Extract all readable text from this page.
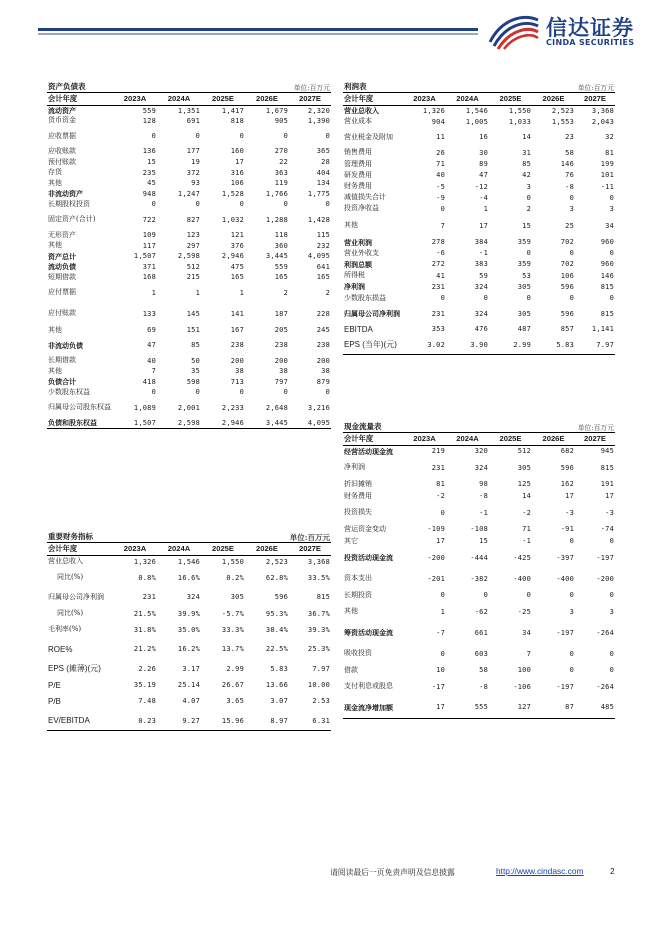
信达证券
CINDA SECURITIES
资产负债表				单位:百万元	
会计年度	2023A	2024A	2025E	2026E	2027E
流动资产	559	1,351	1,417	1,679	2,320
货币资金	128	691	818	905	1,390
应收票据	0	0	0	0	0
应收账款	136	177	160	270	365
预付账款	15	19	17	22	28
存货	235	372	316	363	404
其他	45	93	106	119	134
非流动资产	948	1,247	1,528	1,766	1,775
长期股权投资	0	0	0	0	0
固定资产(合计)	722	827	1,032	1,288	1,428
无形资产	109	123	121	118	115
其他	117	297	376	360	232
资产总计	1,507	2,598	2,946	3,445	4,095
流动负债	371	512	475	559	641
短期借款	168	215	165	165	165
应付票据	1	1	1	2	2
应付账款	133	145	141	187	228
其他	69	151	167	205	245
非流动负债	47	85	238	238	238
长期借款	40	50	200	200	200
其他	7	35	38	38	38
负债合计	418	598	713	797	879
少数股东权益	0	0	0	0	0
归属母公司股东权益	1,089	2,001	2,233	2,648	3,216
负债和股东权益	1,507	2,598	2,946	3,445	4,095
重要财务指标				单位:百万元	
会计年度	2023A	2024A	2025E	2026E	2027E
营业总收入	1,326	1,546	1,550	2,523	3,368
同比(%)	0.8%	16.6%	0.2%	62.8%	33.5%
归属母公司净利润	231	324	305	596	815
同比(%)	21.5%	39.9%	-5.7%	95.3%	36.7%
毛利率(%)	31.8%	35.0%	33.3%	38.4%	39.3%
ROE%	21.2%	16.2%	13.7%	22.5%	25.3%
EPS (摊薄)(元)	2.26	3.17	2.99	5.83	7.97
P/E	35.19	25.14	26.67	13.66	10.00
P/B	7.48	4.07	3.65	3.07	2.53
EV/EBITDA	0.23	9.27	15.96	8.97	6.31
利润表				单位:百万元	
会计年度	2023A	2024A	2025E	2026E	2027E
营业总收入	1,326	1,546	1,550	2,523	3,368
营业成本	904	1,005	1,033	1,553	2,043
营业税金及附加	11	16	14	23	32
销售费用	26	30	31	58	81
管理费用	71	89	85	146	199
研发费用	40	47	42	76	101
财务费用	-5	-12	3	-8	-11
减值损失合计	-9	-4	0	0	0
投资净收益	0	1	2	3	3
其他	7	17	15	25	34
营业利润	278	384	359	702	960
营业外收支	-6	-1	0	0	0
利润总额	272	383	359	702	960
所得税	41	59	53	106	146
净利润	231	324	305	596	815
少数股东损益	0	0	0	0	0
归属母公司净利润	231	324	305	596	815
EBITDA	353	476	487	857	1,141
EPS (当年)(元)	3.02	3.90	2.99	5.83	7.97
现金流量表				单位:百万元	
会计年度	2023A	2024A	2025E	2026E	2027E
经营活动现金流	219	320	512	682	945
净利润	231	324	305	596	815
折旧摊销	81	98	125	162	191
财务费用	-2	-8	14	17	17
投资损失	0	-1	-2	-3	-3
营运资金变动	-109	-108	71	-91	-74
其它	17	15	-1	0	0
投资活动现金流	-200	-444	-425	-397	-197
资本支出	-201	-382	-400	-400	-200
长期投资	0	0	0	0	0
其他	1	-62	-25	3	3
筹资活动现金流	-7	661	34	-197	-264
吸收投资	0	603	7	0	0
借款	10	58	100	0	0
支付利息或股息	-17	-8	-106	-197	-264
现金流净增加额	17	555	127	87	485
请阅读最后一页免责声明及信息披露	http://www.cindasc.com	2
